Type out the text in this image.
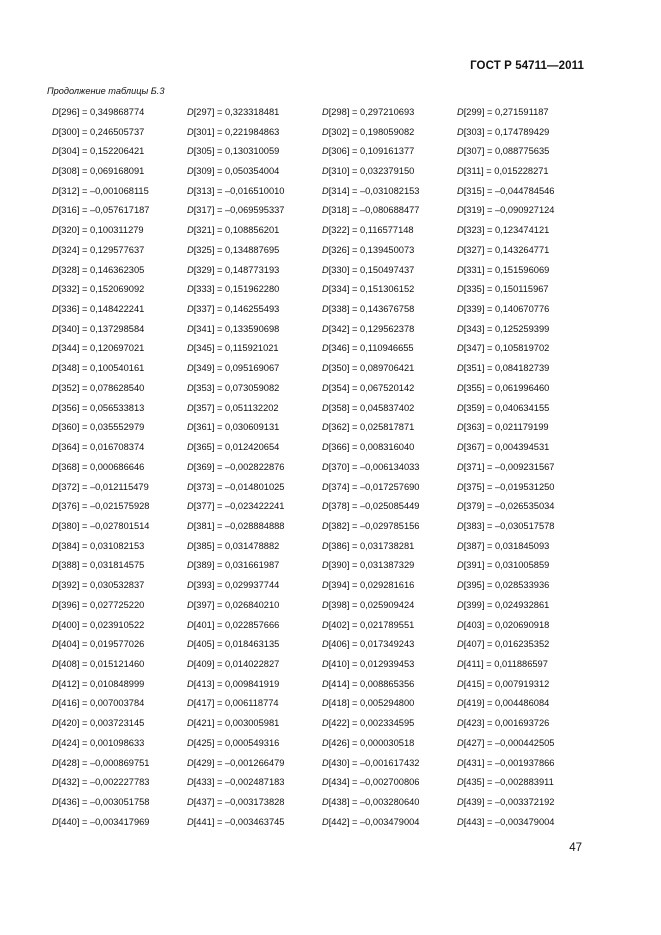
ГОСТ Р 54711—2011
Продолжение таблицы Б.3
D[296] = 0,349868774	D[297] = 0,323318481	D[298] = 0,297210693	D[299] = 0,271591187
D[300] = 0,246505737	D[301] = 0,221984863	D[302] = 0,198059082	D[303] = 0,174789429
D[304] = 0,152206421	D[305] = 0,130310059	D[306] = 0,109161377	D[307] = 0,088775635
D[308] = 0,069168091	D[309] = 0,050354004	D[310] = 0,032379150	D[311] = 0,015228271
D[312] = –0,001068115	D[313] = –0,016510010	D[314] = –0,031082153	D[315] = –0,044784546
D[316] = –0,057617187	D[317] = –0,069595337	D[318] = –0,080688477	D[319] = –0,090927124
D[320] = 0,100311279	D[321] = 0,108856201	D[322] = 0,116577148	D[323] = 0,123474121
D[324] = 0,129577637	D[325] = 0,134887695	D[326] = 0,139450073	D[327] = 0,143264771
D[328] = 0,146362305	D[329] = 0,148773193	D[330] = 0,150497437	D[331] = 0,151596069
D[332] = 0,152069092	D[333] = 0,151962280	D[334] = 0,151306152	D[335] = 0,150115967
D[336] = 0,148422241	D[337] = 0,146255493	D[338] = 0,143676758	D[339] = 0,140670776
D[340] = 0,137298584	D[341] = 0,133590698	D[342] = 0,129562378	D[343] = 0,125259399
D[344] = 0,120697021	D[345] = 0,115921021	D[346] = 0,110946655	D[347] = 0,105819702
D[348] = 0,100540161	D[349] = 0,095169067	D[350] = 0,089706421	D[351] = 0,084182739
D[352] = 0,078628540	D[353] = 0,073059082	D[354] = 0,067520142	D[355] = 0,061996460
D[356] = 0,056533813	D[357] = 0,051132202	D[358] = 0,045837402	D[359] = 0,040634155
D[360] = 0,035552979	D[361] = 0,030609131	D[362] = 0,025817871	D[363] = 0,021179199
D[364] = 0,016708374	D[365] = 0,012420654	D[366] = 0,008316040	D[367] = 0,004394531
D[368] = 0,000686646	D[369] = –0,002822876	D[370] = –0,006134033	D[371] = –0,009231567
D[372] = –0,012115479	D[373] = –0,014801025	D[374] = –0,017257690	D[375] = –0,019531250
D[376] = –0,021575928	D[377] = –0,023422241	D[378] = –0,025085449	D[379] = –0,026535034
D[380] = –0,027801514	D[381] = –0,028884888	D[382] = –0,029785156	D[383] = –0,030517578
D[384] = 0,031082153	D[385] = 0,031478882	D[386] = 0,031738281	D[387] = 0,031845093
D[388] = 0,031814575	D[389] = 0,031661987	D[390] = 0,031387329	D[391] = 0,031005859
D[392] = 0,030532837	D[393] = 0,029937744	D[394] = 0,029281616	D[395] = 0,028533936
D[396] = 0,027725220	D[397] = 0,026840210	D[398] = 0,025909424	D[399] = 0,024932861
D[400] = 0,023910522	D[401] = 0,022857666	D[402] = 0,021789551	D[403] = 0,020690918
D[404] = 0,019577026	D[405] = 0,018463135	D[406] = 0,017349243	D[407] = 0,016235352
D[408] = 0,015121460	D[409] = 0,014022827	D[410] = 0,012939453	D[411] = 0,011886597
D[412] = 0,010848999	D[413] = 0,009841919	D[414] = 0,008865356	D[415] = 0,007919312
D[416] = 0,007003784	D[417] = 0,006118774	D[418] = 0,005294800	D[419] = 0,004486084
D[420] = 0,003723145	D[421] = 0,003005981	D[422] = 0,002334595	D[423] = 0,001693726
D[424] = 0,001098633	D[425] = 0,000549316	D[426] = 0,000030518	D[427] = –0,000442505
D[428] = –0,000869751	D[429] = –0,001266479	D[430] = –0,001617432	D[431] = –0,001937866
D[432] = –0,002227783	D[433] = –0,002487183	D[434] = –0,002700806	D[435] = –0,002883911
D[436] = –0,003051758	D[437] = –0,003173828	D[438] = –0,003280640	D[439] = –0,003372192
D[440] = –0,003417969	D[441] = –0,003463745	D[442] = –0,003479004	D[443] = –0,003479004
47
